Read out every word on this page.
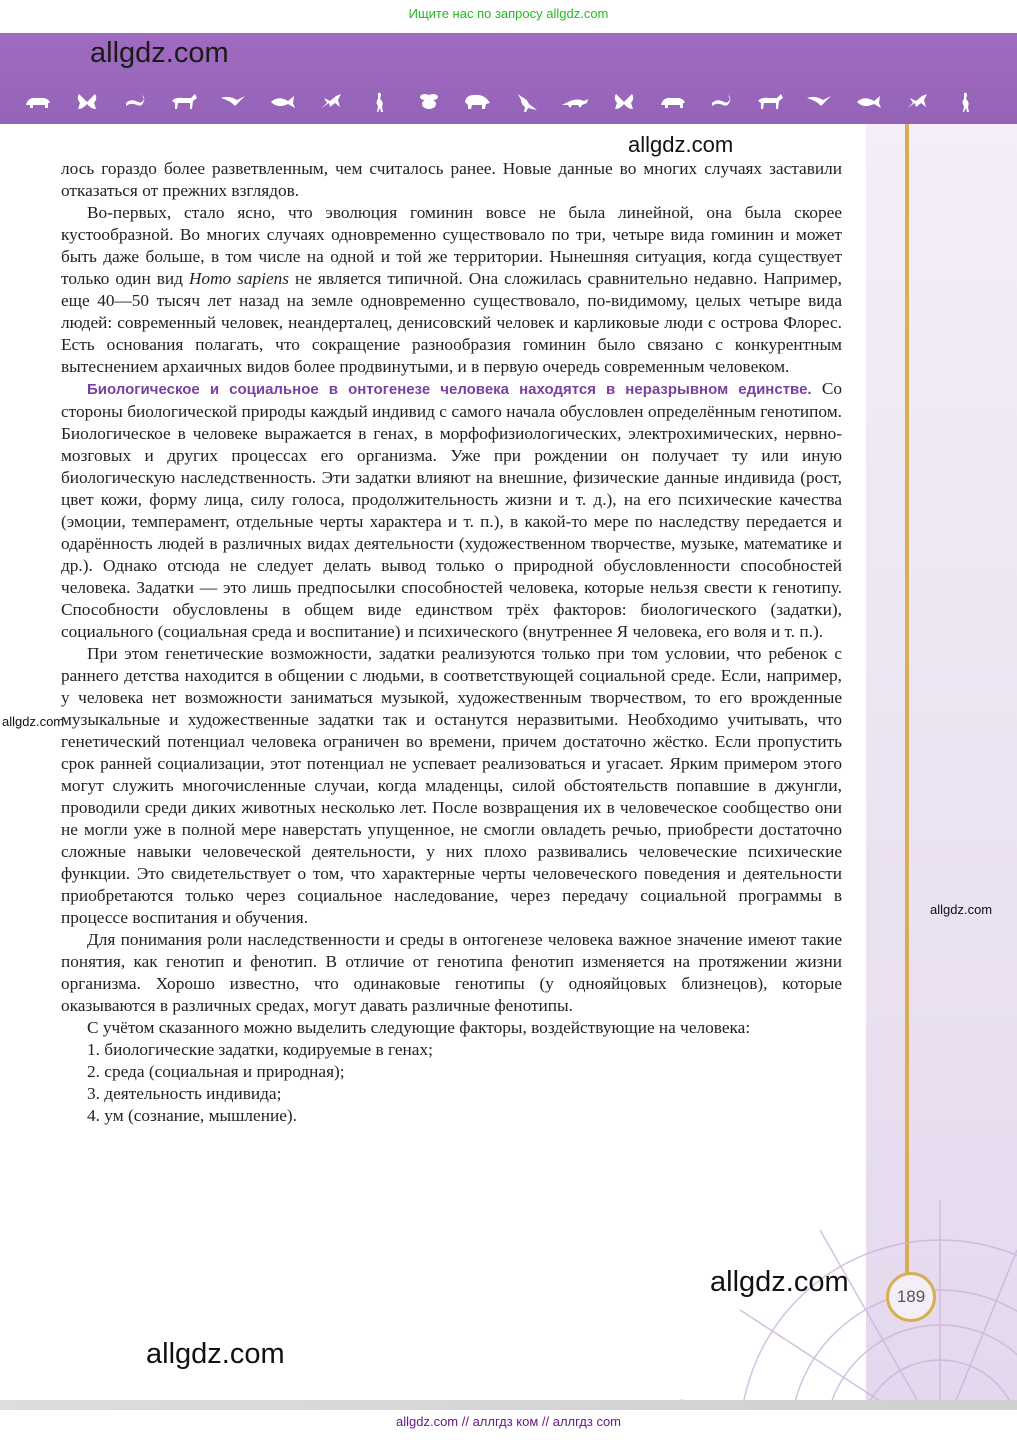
Ищите нас по запросу allgdz.com
allgdz.com
189
allgdz.com
allgdz.com
allgdz.com
allgdz.com
allgdz.com

лось гораздо более разветвленным, чем считалось ранее. Новые данные во многих случаях заставили отказаться от прежних взглядов.

Во-первых, стало ясно, что эволюция гоминин вовсе не была линейной, она была скорее кустообразной. Во многих случаях одновременно существовало по три, четыре вида гоминин и может быть даже больше, в том числе на одной и той же территории. Нынешняя ситуация, когда существует только один вид Homo sapiens не является типичной. Она сложилась сравнительно недавно. Например, еще 40—50 тысяч лет назад на земле одновременно существовало, по-видимому, целых четыре вида людей: современный человек, неандерталец, денисовский человек и карликовые люди с острова Флорес. Есть основания полагать, что сокращение разнообразия гоминин было связано с конкурентным вытеснением архаичных видов более продвинутыми, и в первую очередь современным человеком.

Биологическое и социальное в онтогенезе человека находятся в неразрывном единстве. Со стороны биологической природы каждый индивид с самого начала обусловлен определённым генотипом. Биологическое в человеке выражается в генах, в морфофизиологических, электрохимических, нервно-мозговых и других процессах его организма. Уже при рождении он получает ту или иную биологическую наследственность. Эти задатки влияют на внешние, физические данные индивида (рост, цвет кожи, форму лица, силу голоса, продолжительность жизни и т. д.), на его психические качества (эмоции, темперамент, отдельные черты характера и т. п.), в какой-то мере по наследству передается и одарённость людей в различных видах деятельности (художественном творчестве, музыке, математике и др.). Однако отсюда не следует делать вывод только о природной обусловленности способностей человека. Задатки — это лишь предпосылки способностей человека, которые нельзя свести к генотипу. Способности обусловлены в общем виде единством трёх факторов: биологического (задатки), социального (социальная среда и воспитание) и психического (внутреннее Я человека, его воля и т. п.).

При этом генетические возможности, задатки реализуются только при том условии, что ребенок с раннего детства находится в общении с людьми, в соответствующей социальной среде. Если, например, у человека нет возможности заниматься музыкой, художественным творчеством, то его врожденные музыкальные и художественные задатки так и останутся неразвитыми. Необходимо учитывать, что генетический потенциал человека ограничен во времени, причем достаточно жёстко. Если пропустить срок ранней социализации, этот потенциал не успевает реализоваться и угасает. Ярким примером этого могут служить многочисленные случаи, когда младенцы, силой обстоятельств попавшие в джунгли, проводили среди диких животных несколько лет. После возвращения их в человеческое сообщество они не могли уже в полной мере наверстать упущенное, не смогли овладеть речью, приобрести достаточно сложные навыки человеческой деятельности, у них плохо развивались человеческие психические функции. Это свидетельствует о том, что характерные черты человеческого поведения и деятельности приобретаются только через социальное наследование, через передачу социальной программы в процессе воспитания и обучения.

Для понимания роли наследственности и среды в онтогенезе человека важное значение имеют такие понятия, как генотип и фенотип. В отличие от генотипа фенотип изменяется на протяжении жизни организма. Хорошо известно, что одинаковые генотипы (у однояйцовых близнецов), которые оказываются в различных средах, могут давать различные фенотипы.

С учётом сказанного можно выделить следующие факторы, воздействующие на человека:

1. биологические задатки, кодируемые в генах;
2. среда (социальная и природная);
3. деятельность индивида;
4. ум (сознание, мышление).
allgdz.com // аллгдз ком // аллгдз com
